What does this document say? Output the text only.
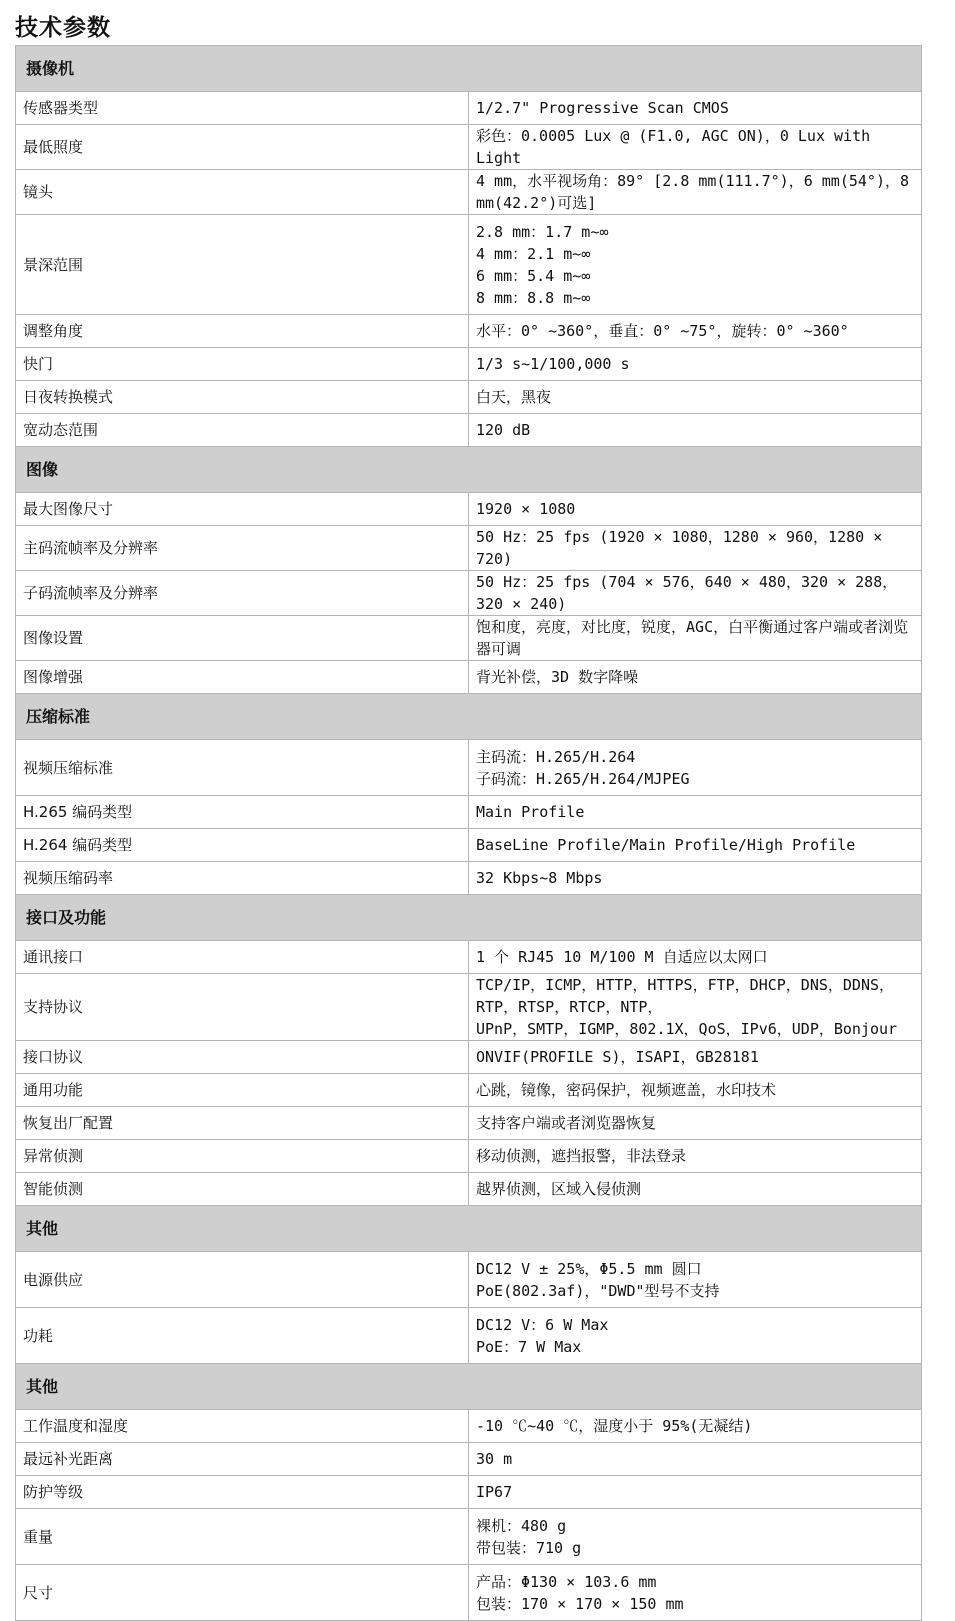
技术参数
摄像机	
传感器类型	1/2.7" Progressive Scan CMOS
最低照度	彩色：0.0005 Lux @ (F1.0, AGC ON)，0 Lux with Light
镜头	4 mm，水平视场角：89° [2.8 mm(111.7°)，6 mm(54°)，8 mm(42.2°)可选]
景深范围	2.8 mm：1.7 m~∞
4 mm：2.1 m~∞
6 mm：5.4 m~∞
8 mm：8.8 m~∞
调整角度	水平：0° ~360°，垂直：0° ~75°，旋转：0° ~360°
快门	1/3 s~1/100,000 s
日夜转换模式	白天，黑夜
宽动态范围	120 dB
图像	
最大图像尺寸	1920 × 1080
主码流帧率及分辨率	50 Hz：25 fps (1920 × 1080，1280 × 960，1280 × 720)
子码流帧率及分辨率	50 Hz：25 fps (704 × 576，640 × 480，320 × 288，320 × 240)
图像设置	饱和度，亮度，对比度，锐度，AGC，白平衡通过客户端或者浏览器可调
图像增强	背光补偿，3D 数字降噪
压缩标准	
视频压缩标准	主码流：H.265/H.264
子码流：H.265/H.264/MJPEG
H.265 编码类型	Main Profile
H.264 编码类型	BaseLine Profile/Main Profile/High Profile
视频压缩码率	32 Kbps~8 Mbps
接口及功能	
通讯接口	1 个 RJ45 10 M/100 M 自适应以太网口
支持协议	TCP/IP，ICMP，HTTP，HTTPS，FTP，DHCP，DNS，DDNS，RTP，RTSP，RTCP，NTP，
UPnP，SMTP，IGMP，802.1X，QoS，IPv6，UDP，Bonjour
接口协议	ONVIF(PROFILE S)，ISAPI，GB28181
通用功能	心跳，镜像，密码保护，视频遮盖，水印技术
恢复出厂配置	支持客户端或者浏览器恢复
异常侦测	移动侦测，遮挡报警，非法登录
智能侦测	越界侦测，区域入侵侦测
其他	
电源供应	DC12 V ± 25%，Φ5.5 mm 圆口
PoE(802.3af)，"DWD"型号不支持
功耗	DC12 V：6 W Max
PoE：7 W Max
其他	
工作温度和湿度	-10 ℃~40 ℃，湿度小于 95%(无凝结)
最远补光距离	30 m
防护等级	IP67
重量	裸机：480 g
带包装：710 g
尺寸	产品：Φ130 × 103.6 mm
包装：170 × 170 × 150 mm
